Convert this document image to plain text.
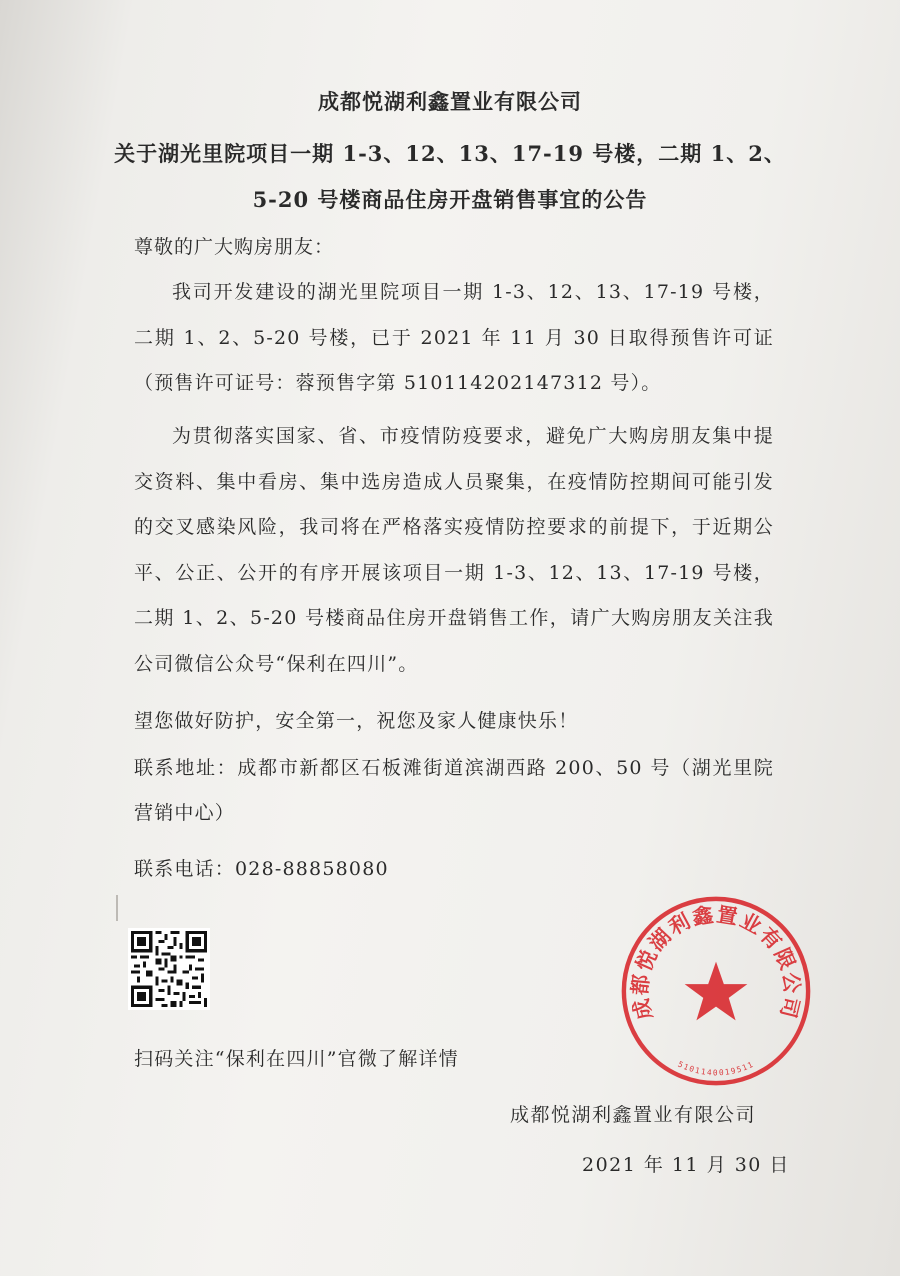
成都悦湖利鑫置业有限公司
关于湖光里院项目一期 1-3、12、13、17-19 号楼，二期 1、2、
5-20 号楼商品住房开盘销售事宜的公告
尊敬的广大购房朋友：
我司开发建设的湖光里院项目一期 1-3、12、13、17-19 号楼，二期 1、2、5-20 号楼，已于 2021 年 11 月 30 日取得预售许可证（预售许可证号：蓉预售字第 510114202147312 号）。
为贯彻落实国家、省、市疫情防疫要求，避免广大购房朋友集中提交资料、集中看房、集中选房造成人员聚集，在疫情防控期间可能引发的交叉感染风险，我司将在严格落实疫情防控要求的前提下，于近期公平、公正、公开的有序开展该项目一期 1-3、12、13、17-19 号楼，二期 1、2、5-20 号楼商品住房开盘销售工作，请广大购房朋友关注我公司微信公众号“保利在四川”。
望您做好防护，安全第一，祝您及家人健康快乐！
联系地址：成都市新都区石板滩街道滨湖西路 200、50 号（湖光里院营销中心）
联系电话：028-88858080
扫码关注“保利在四川”官微了解详情
成都悦湖利鑫置业有限公司
5101140019511
成都悦湖利鑫置业有限公司
2021 年 11 月 30 日
